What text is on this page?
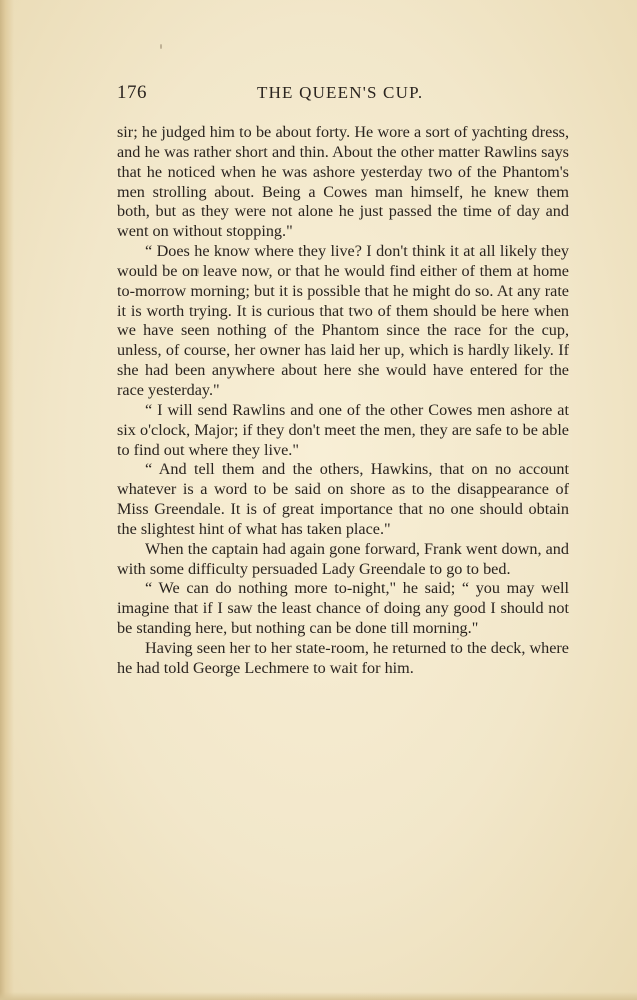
176	THE QUEEN'S CUP.

sir; he judged him to be about forty. He wore a sort of yachting dress, and he was rather short and thin. About the other matter Rawlins says that he noticed when he was ashore yesterday two of the Phantom's men strolling about. Being a Cowes man himself, he knew them both, but as they were not alone he just passed the time of day and went on without stopping."

“ Does he know where they live? I don't think it at all likely they would be on leave now, or that he would find either of them at home to-morrow morning; but it is possible that he might do so. At any rate it is worth trying. It is curious that two of them should be here when we have seen nothing of the Phantom since the race for the cup, unless, of course, her owner has laid her up, which is hardly likely. If she had been anywhere about here she would have entered for the race yesterday."

“ I will send Rawlins and one of the other Cowes men ashore at six o'clock, Major; if they don't meet the men, they are safe to be able to find out where they live."

“ And tell them and the others, Hawkins, that on no account whatever is a word to be said on shore as to the disappearance of Miss Greendale. It is of great importance that no one should obtain the slightest hint of what has taken place."

When the captain had again gone forward, Frank went down, and with some difficulty persuaded Lady Greendale to go to bed.

“ We can do nothing more to-night," he said; “ you may well imagine that if I saw the least chance of doing any good I should not be standing here, but nothing can be done till morning."

Having seen her to her state-room, he returned to the deck, where he had told George Lechmere to wait for him.
